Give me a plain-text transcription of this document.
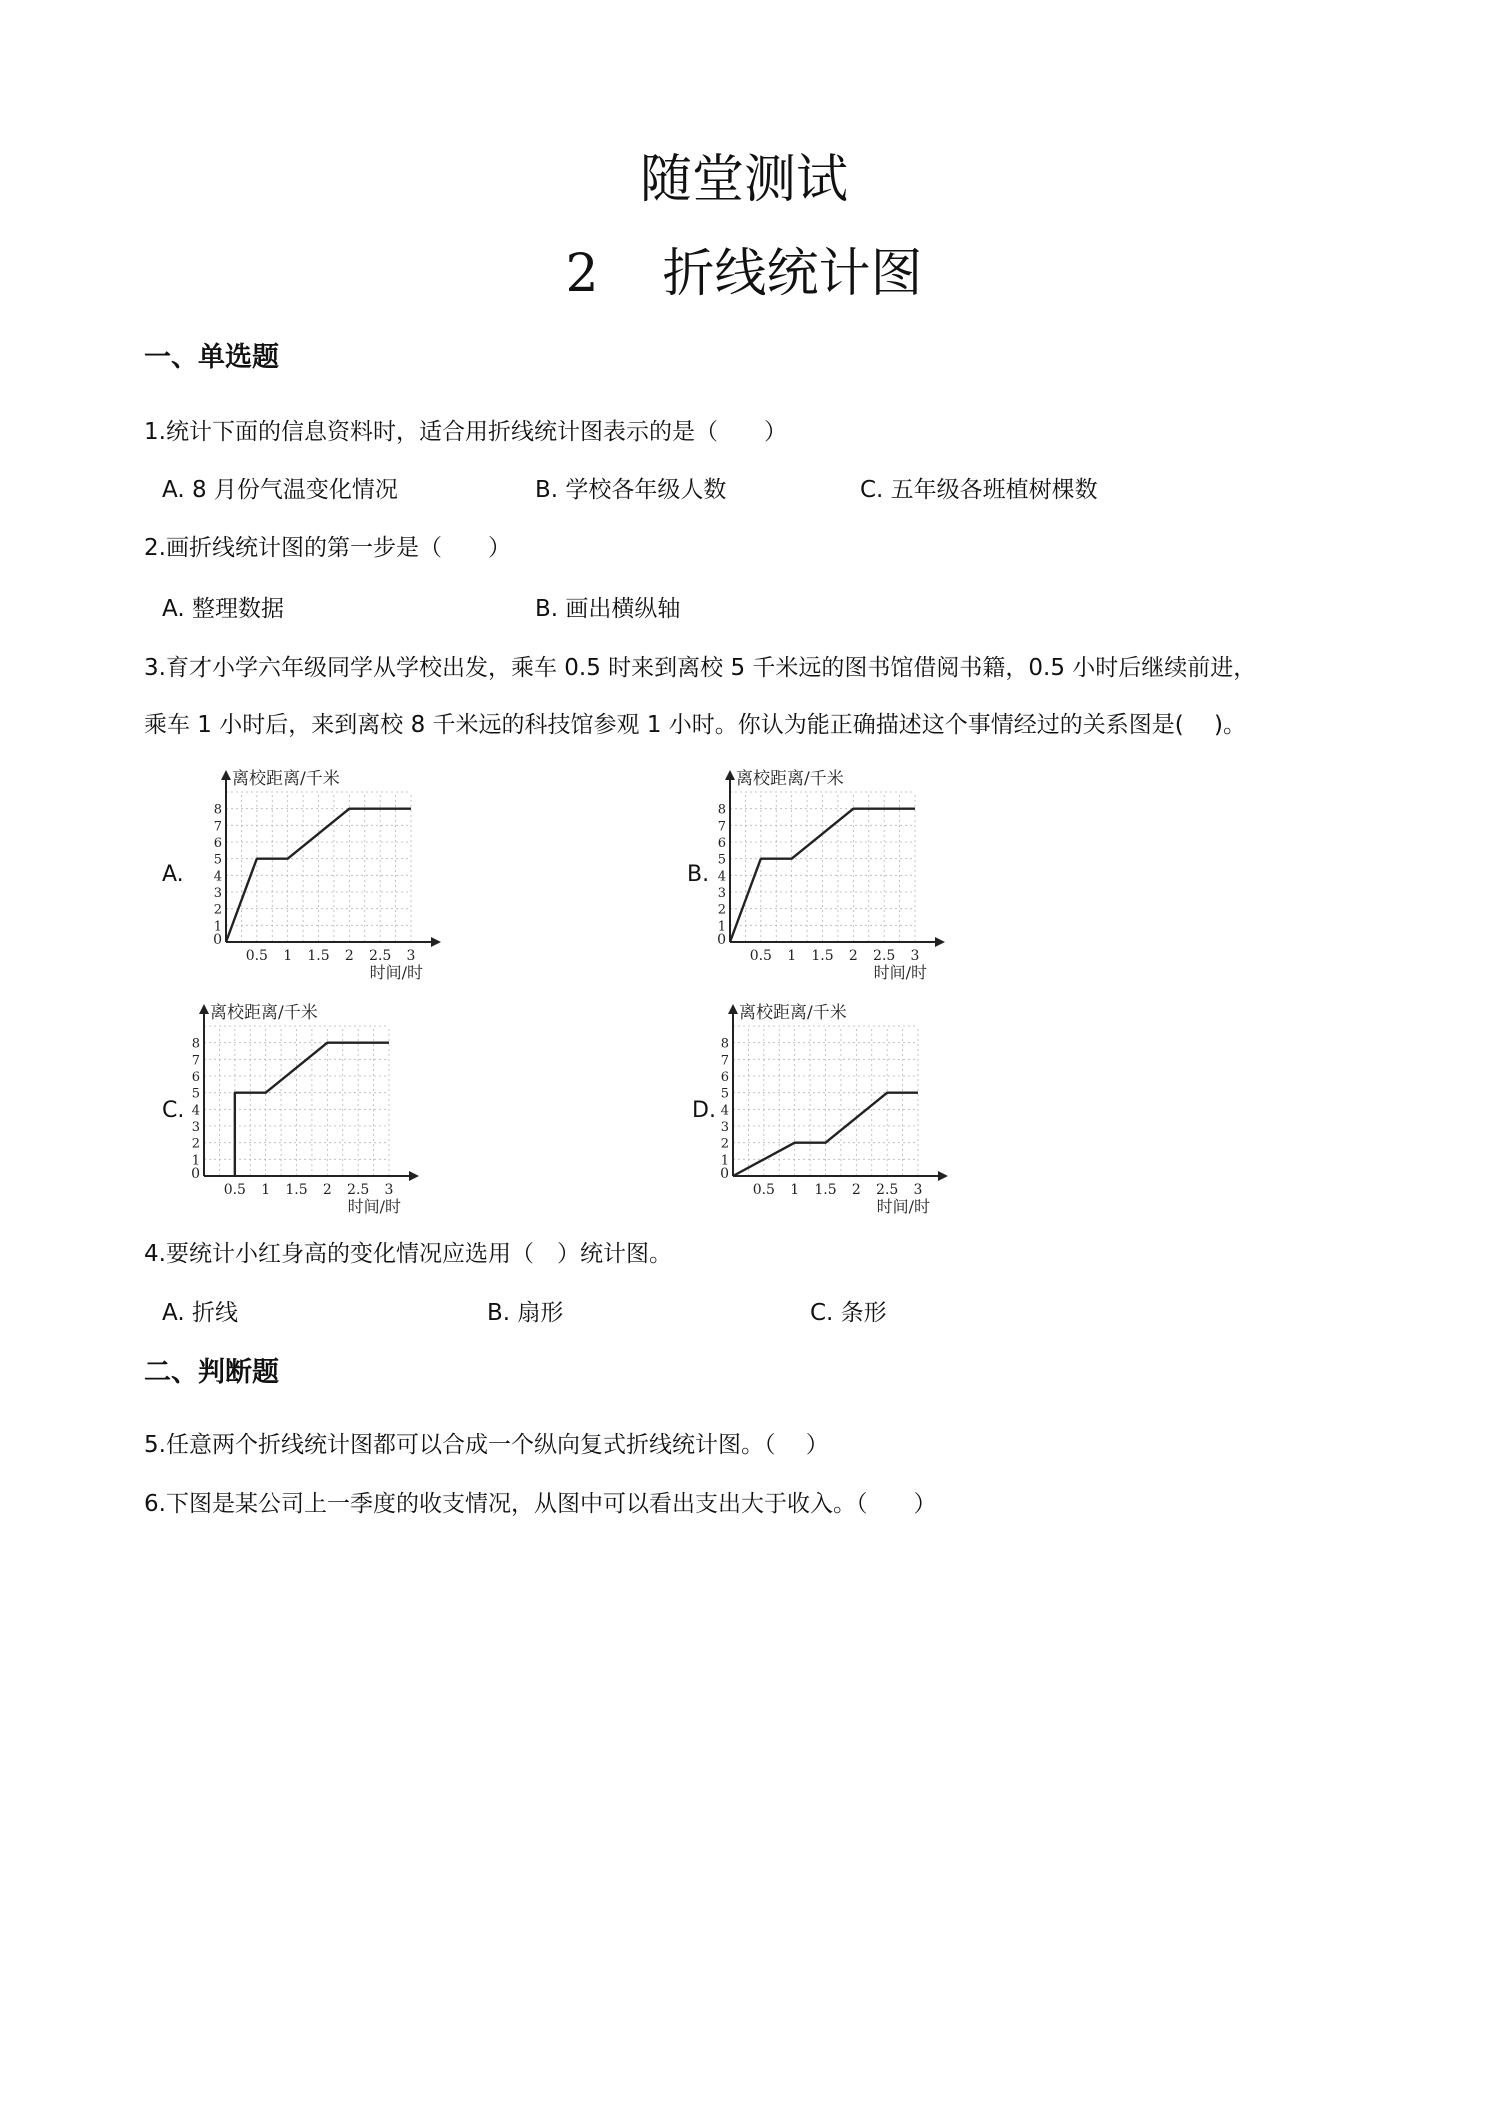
随堂测试
2 折线统计图
一、单选题
1.统计下面的信息资料时，适合用折线统计图表示的是（　　）
A. 8 月份气温变化情况	B. 学校各年级人数	C. 五年级各班植树棵数
2.画折线统计图的第一步是（　　）
A. 整理数据	B. 画出横纵轴
3.育才小学六年级同学从学校出发，乘车 0.5 时来到离校 5 千米远的图书馆借阅书籍，0.5 小时后继续前进，
乘车 1 小时后，来到离校 8 千米远的科技馆参观 1 小时。你认为能正确描述这个事情经过的关系图是(　 )。
A.	B.
C.	D.
离校距离/千米
时间/时
0
0.5 1 1.5 2 2.5 3
1
2
3
4
5
6
7
8
离校距离/千米
时间/时
0
0.5 1 1.5 2 2.5 3
1
2
3
4
5
6
7
8
离校距离/千米
时间/时
0
0.5 1 1.5 2 2.5 3
1
2
3
4
5
6
7
8
离校距离/千米
时间/时
0
0.5 1 1.5 2 2.5 3
1
2
3
4
5
6
7
8
4.要统计小红身高的变化情况应选用（　）统计图。
A. 折线	B. 扇形	C. 条形
二、判断题
5.任意两个折线统计图都可以合成一个纵向复式折线统计图。（　 ）
6.下图是某公司上一季度的收支情况，从图中可以看出支出大于收入。（　　）
